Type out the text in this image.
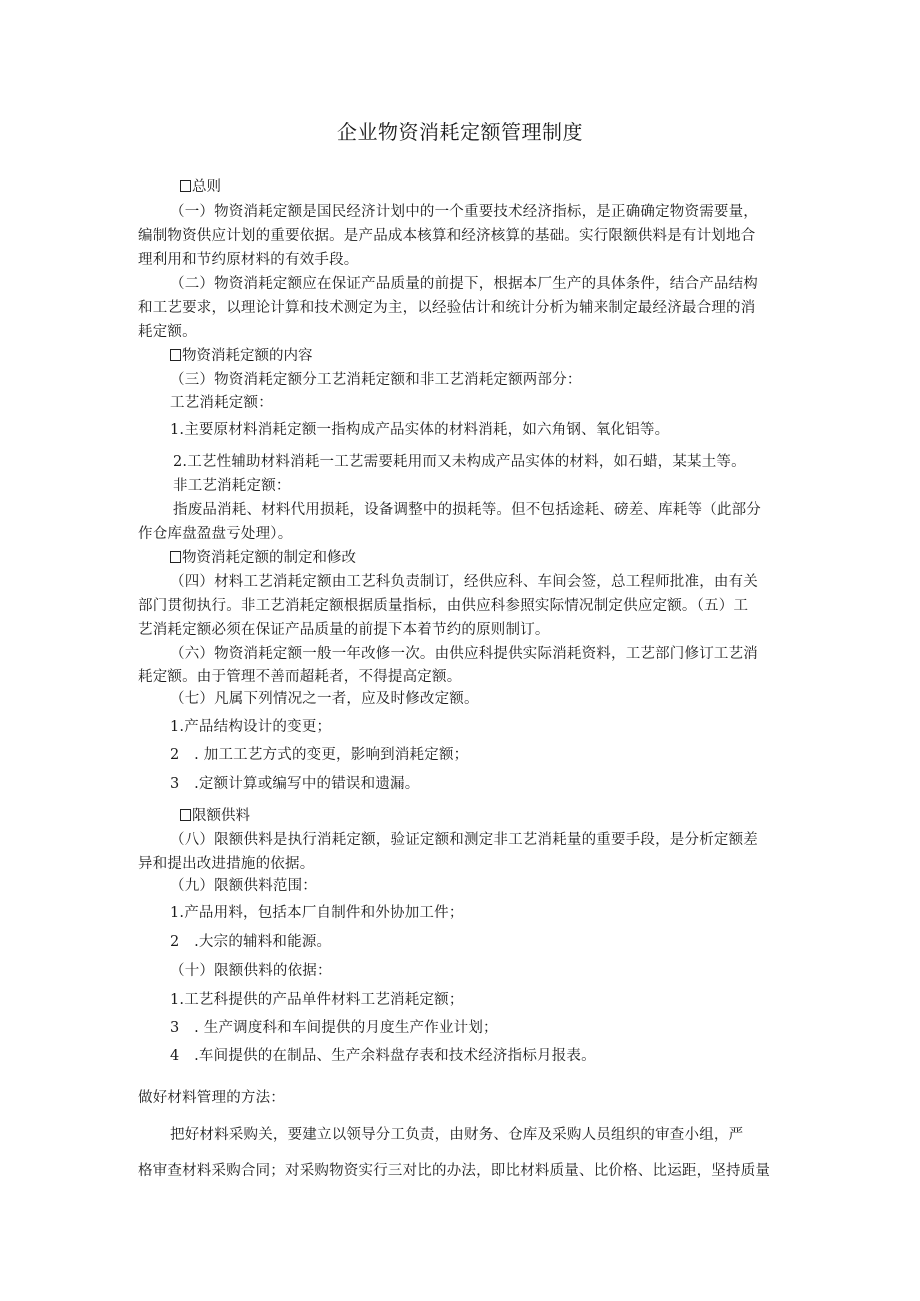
企业物资消耗定额管理制度
总则
（一）物资消耗定额是国民经济计划中的一个重要技术经济指标，是正确确定物资需要量，
编制物资供应计划的重要依据。是产品成本核算和经济核算的基础。实行限额供料是有计划地合
理利用和节约原材料的有效手段。
（二）物资消耗定额应在保证产品质量的前提下，根据本厂生产的具体条件，结合产品结构
和工艺要求，以理论计算和技术测定为主，以经验估计和统计分析为辅来制定最经济最合理的消
耗定额。
物资消耗定额的内容
（三）物资消耗定额分工艺消耗定额和非工艺消耗定额两部分：
工艺消耗定额：
1.主要原材料消耗定额一指构成产品实体的材料消耗，如六角钢、氧化铝等。
2.工艺性辅助材料消耗一工艺需要耗用而又未构成产品实体的材料，如石蜡，某某土等。
非工艺消耗定额：
指废品消耗、材料代用损耗，设备调整中的损耗等。但不包括途耗、磅差、库耗等（此部分
作仓库盘盈盘亏处理）。
物资消耗定额的制定和修改
（四）材料工艺消耗定额由工艺科负责制订，经供应科、车间会签，总工程师批准，由有关
部门贯彻执行。非工艺消耗定额根据质量指标，由供应科参照实际情况制定供应定额。（五）工
艺消耗定额必须在保证产品质量的前提下本着节约的原则制订。
（六）物资消耗定额一般一年改修一次。由供应科提供实际消耗资料，工艺部门修订工艺消
耗定额。由于管理不善而超耗者，不得提高定额。
（七）凡属下列情况之一者，应及时修改定额。
1.产品结构设计的变更；
2　. 加工工艺方式的变更，影响到消耗定额；
3　.定额计算或编写中的错误和遗漏。
限额供料
（八）限额供料是执行消耗定额，验证定额和测定非工艺消耗量的重要手段，是分析定额差
异和提出改进措施的依据。
（九）限额供料范围：
1.产品用料，包括本厂自制件和外协加工件；
2　.大宗的辅料和能源。
（十）限额供料的依据：
1.工艺科提供的产品单件材料工艺消耗定额；
3　. 生产调度科和车间提供的月度生产作业计划；
4　.车间提供的在制品、生产余料盘存表和技术经济指标月报表。
做好材料管理的方法：
把好材料采购关，要建立以领导分工负责，由财务、仓库及采购人员组织的审查小组，严
格审查材料采购合同；对采购物资实行三对比的办法，即比材料质量、比价格、比运距，坚持质量
